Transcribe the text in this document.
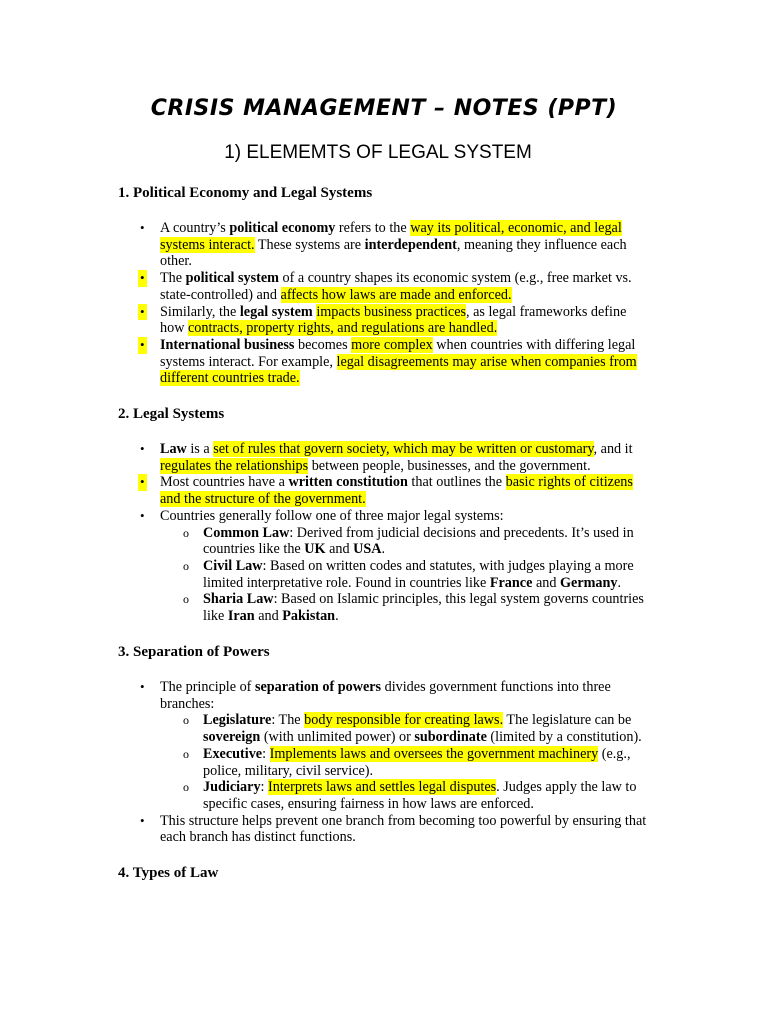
CRISIS MANAGEMENT – NOTES (PPT)
1) ELEMEMTS OF LEGAL SYSTEM
1. Political Economy and Legal Systems
• A country’s political economy refers to the way its political, economic, and legal systems interact. These systems are interdependent, meaning they influence each other.
• The political system of a country shapes its economic system (e.g., free market vs. state-controlled) and affects how laws are made and enforced.
• Similarly, the legal system impacts business practices, as legal frameworks define how contracts, property rights, and regulations are handled.
• International business becomes more complex when countries with differing legal systems interact. For example, legal disagreements may arise when companies from different countries trade.
2. Legal Systems
• Law is a set of rules that govern society, which may be written or customary, and it regulates the relationships between people, businesses, and the government.
• Most countries have a written constitution that outlines the basic rights of citizens and the structure of the government.
• Countries generally follow one of three major legal systems:
o Common Law: Derived from judicial decisions and precedents. It’s used in countries like the UK and USA.
o Civil Law: Based on written codes and statutes, with judges playing a more limited interpretative role. Found in countries like France and Germany.
o Sharia Law: Based on Islamic principles, this legal system governs countries like Iran and Pakistan.
3. Separation of Powers
• The principle of separation of powers divides government functions into three branches:
o Legislature: The body responsible for creating laws. The legislature can be sovereign (with unlimited power) or subordinate (limited by a constitution).
o Executive: Implements laws and oversees the government machinery (e.g., police, military, civil service).
o Judiciary: Interprets laws and settles legal disputes. Judges apply the law to specific cases, ensuring fairness in how laws are enforced.
• This structure helps prevent one branch from becoming too powerful by ensuring that each branch has distinct functions.
4. Types of Law
